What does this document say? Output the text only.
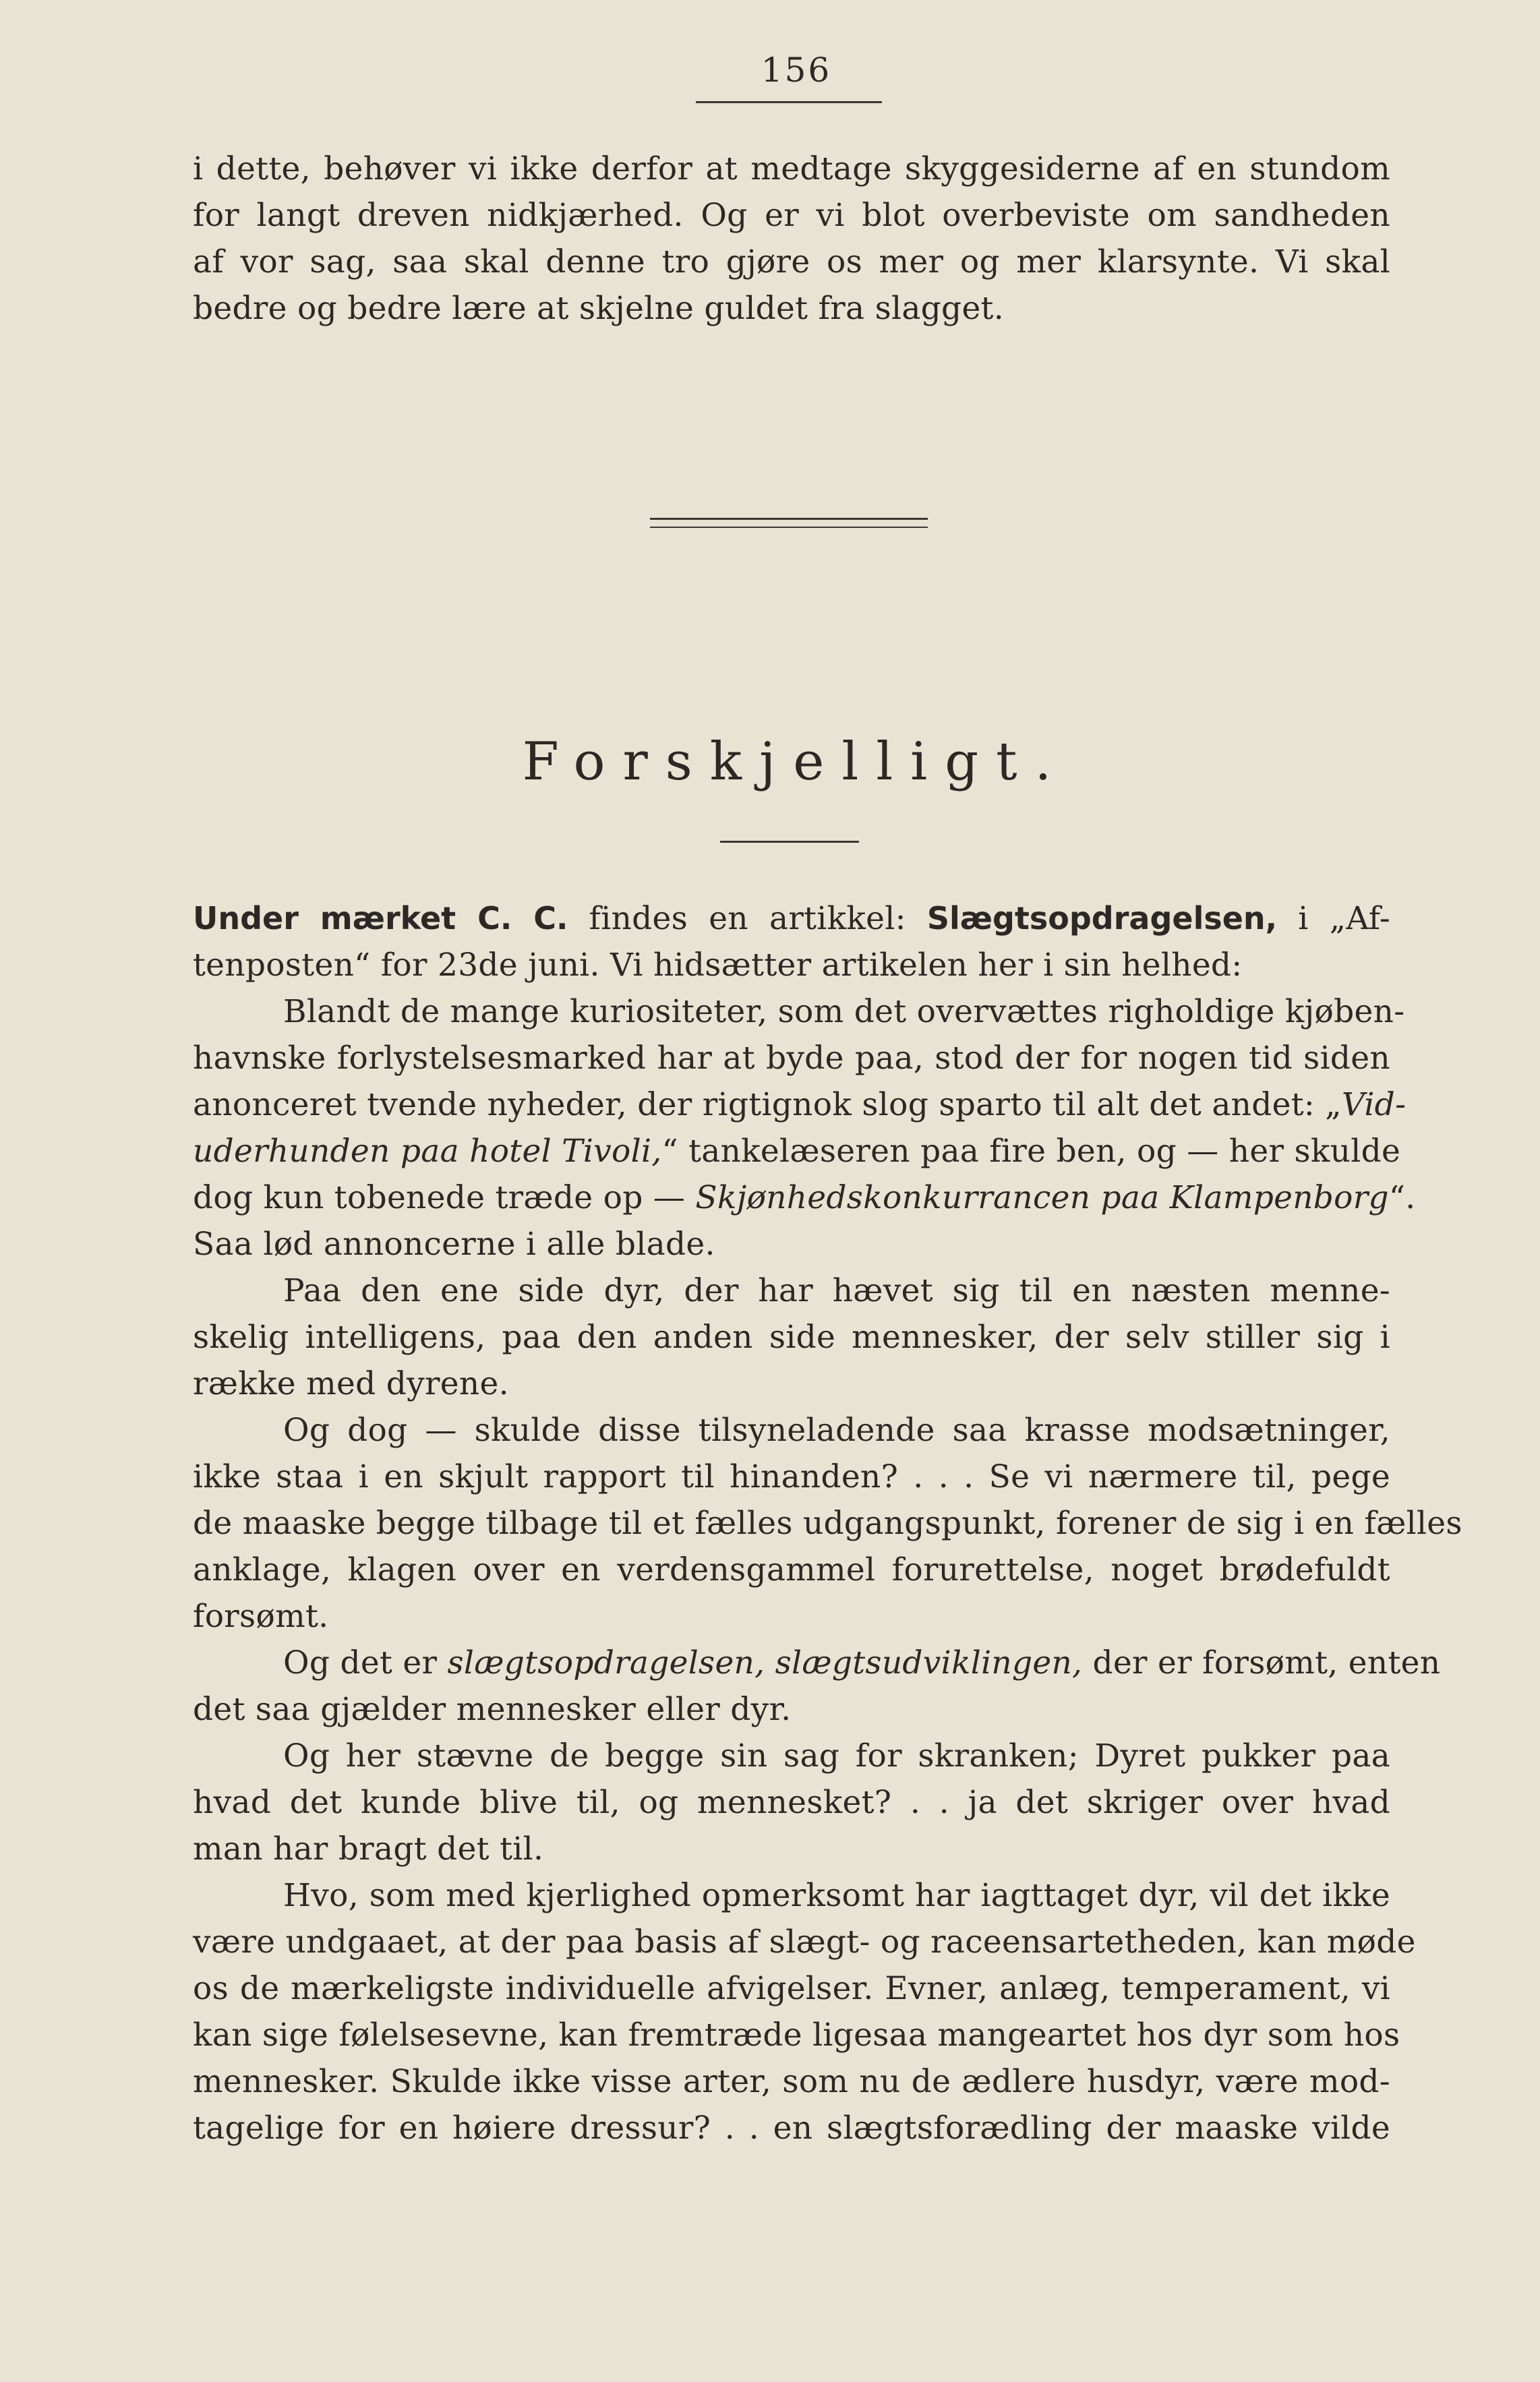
156
i dette, behøver vi ikke derfor at medtage skyggesiderne af en stundom
for langt dreven nidkjærhed. Og er vi blot overbeviste om sandheden
af vor sag, saa skal denne tro gjøre os mer og mer klarsynte. Vi skal
bedre og bedre lære at skjelne guldet fra slagget.
Forskjelligt.
Under mærket C. C. findes en artikkel: Slægtsopdragelsen, i „Af-
tenposten“ for 23de juni. Vi hidsætter artikelen her i sin helhed:
Blandt de mange kuriositeter, som det overvættes righoldige kjøben-
havnske forlystelsesmarked har at byde paa, stod der for nogen tid siden
anonceret tvende nyheder, der rigtignok slog sparto til alt det andet: „Vid-
uderhunden paa hotel Tivoli,“ tankelæseren paa fire ben, og — her skulde
dog kun tobenede træde op — Skjønhedskonkurrancen paa Klampenborg“.
Saa lød annoncerne i alle blade.
Paa den ene side dyr, der har hævet sig til en næsten menne-
skelig intelligens, paa den anden side mennesker, der selv stiller sig i
række med dyrene.
Og dog — skulde disse tilsyneladende saa krasse modsætninger,
ikke staa i en skjult rapport til hinanden? . . . Se vi nærmere til, pege
de maaske begge tilbage til et fælles udgangspunkt, forener de sig i en fælles
anklage, klagen over en verdensgammel forurettelse, noget brødefuldt
forsømt.
Og det er slægtsopdragelsen, slægtsudviklingen, der er forsømt, enten
det saa gjælder mennesker eller dyr.
Og her stævne de begge sin sag for skranken; Dyret pukker paa
hvad det kunde blive til, og mennesket? . . ja det skriger over hvad
man har bragt det til.
Hvo, som med kjerlighed opmerksomt har iagttaget dyr, vil det ikke
være undgaaet, at der paa basis af slægt- og raceensartetheden, kan møde
os de mærkeligste individuelle afvigelser. Evner, anlæg, temperament, vi
kan sige følelsesevne, kan fremtræde ligesaa mangeartet hos dyr som hos
mennesker. Skulde ikke visse arter, som nu de ædlere husdyr, være mod-
tagelige for en høiere dressur? . . en slægtsforædling der maaske vilde
